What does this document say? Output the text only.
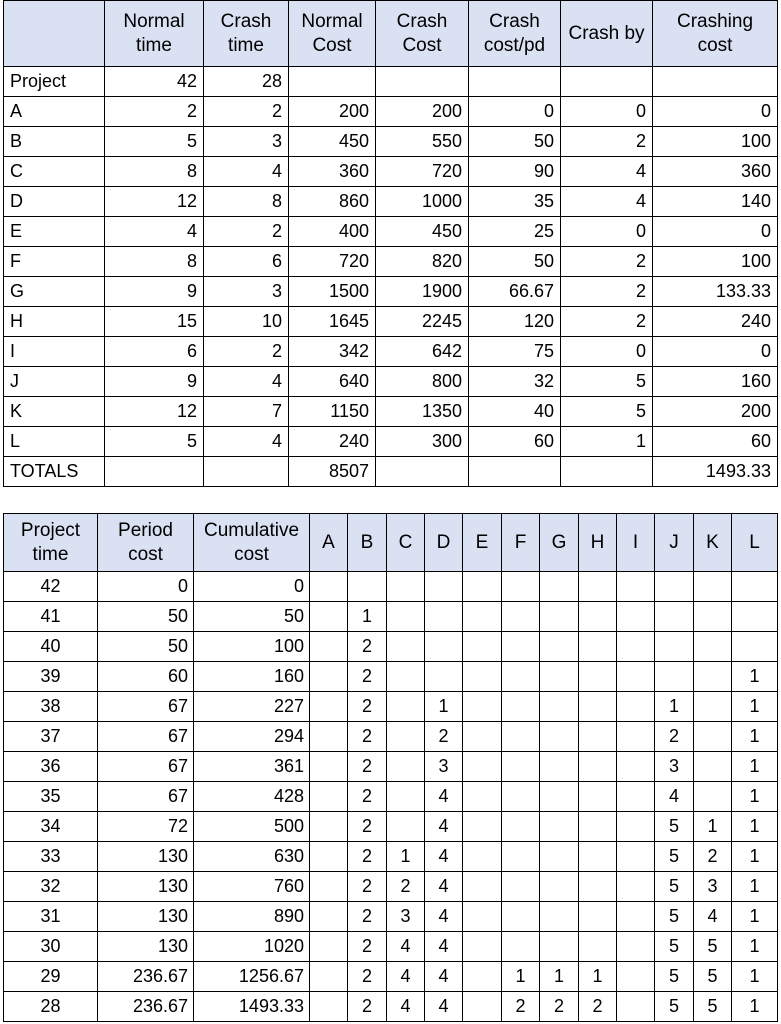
	Normal time	Crash time	Normal Cost	Crash Cost	Crash cost/pd	Crash by	Crashing cost
Project	42	28					
A	2	2	200	200	0	0	0
B	5	3	450	550	50	2	100
C	8	4	360	720	90	4	360
D	12	8	860	1000	35	4	140
E	4	2	400	450	25	0	0
F	8	6	720	820	50	2	100
G	9	3	1500	1900	66.67	2	133.33
H	15	10	1645	2245	120	2	240
I	6	2	342	642	75	0	0
J	9	4	640	800	32	5	160
K	12	7	1150	1350	40	5	200
L	5	4	240	300	60	1	60
TOTALS			8507				1493.33
Project time	Period cost	Cumulative cost	A	B	C	D	E	F	G	H	I	J	K	L
42	0	0												
41	50	50		1										
40	50	100		2										
39	60	160		2										1
38	67	227		2		1						1		1
37	67	294		2		2						2		1
36	67	361		2		3						3		1
35	67	428		2		4						4		1
34	72	500		2		4						5	1	1
33	130	630		2	1	4						5	2	1
32	130	760		2	2	4						5	3	1
31	130	890		2	3	4						5	4	1
30	130	1020		2	4	4						5	5	1
29	236.67	1256.67		2	4	4		1	1	1		5	5	1
28	236.67	1493.33		2	4	4		2	2	2		5	5	1
